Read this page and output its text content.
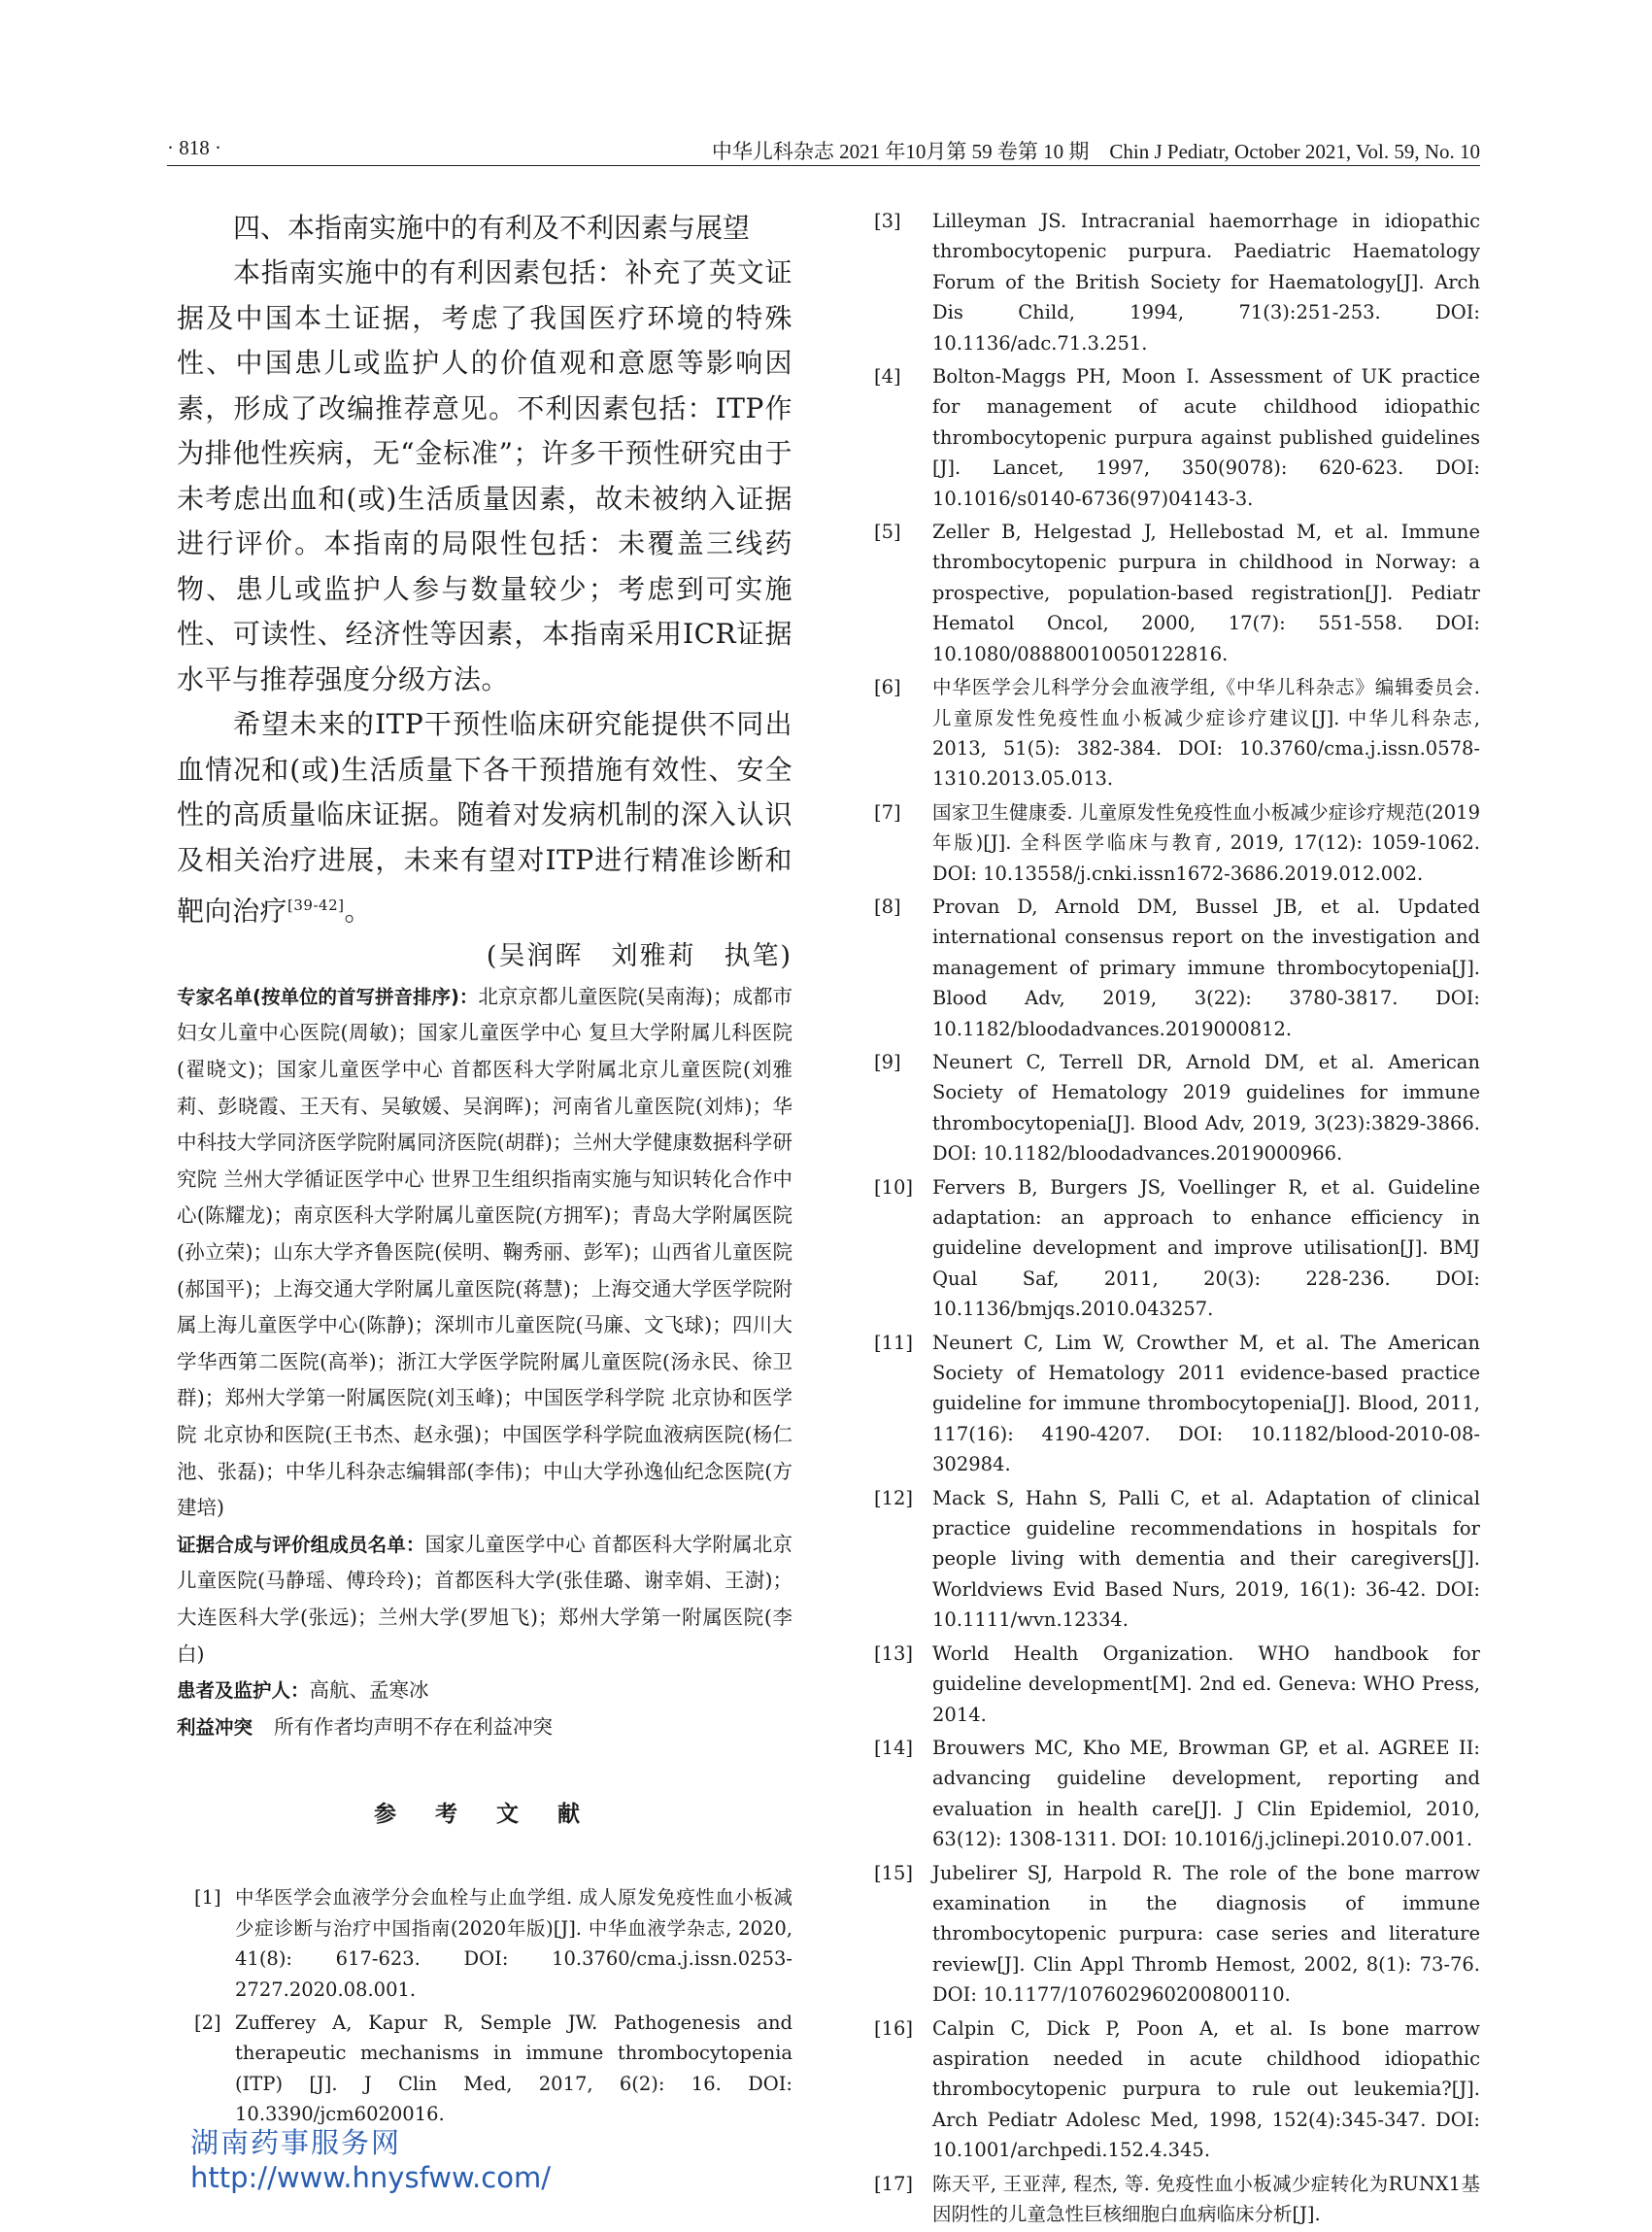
· 818 ·	中华儿科杂志 2021 年10月第 59 卷第 10 期　Chin J Pediatr, October 2021, Vol. 59, No. 10

四、本指南实施中的有利及不利因素与展望

本指南实施中的有利因素包括：补充了英文证据及中国本土证据，考虑了我国医疗环境的特殊性、中国患儿或监护人的价值观和意愿等影响因素，形成了改编推荐意见。不利因素包括：ITP作为排他性疾病，无“金标准”；许多干预性研究由于未考虑出血和(或)生活质量因素，故未被纳入证据进行评价。本指南的局限性包括：未覆盖三线药物、患儿或监护人参与数量较少；考虑到可实施性、可读性、经济性等因素，本指南采用ICR证据水平与推荐强度分级方法。

希望未来的ITP干预性临床研究能提供不同出血情况和(或)生活质量下各干预措施有效性、安全性的高质量临床证据。随着对发病机制的深入认识及相关治疗进展，未来有望对ITP进行精准诊断和靶向治疗[39-42]。

(吴润晖　刘雅莉　执笔)

专家名单(按单位的首写拼音排序)：北京京都儿童医院(吴南海)；成都市妇女儿童中心医院(周敏)；国家儿童医学中心 复旦大学附属儿科医院(翟晓文)；国家儿童医学中心 首都医科大学附属北京儿童医院(刘雅莉、彭晓霞、王天有、吴敏媛、吴润晖)；河南省儿童医院(刘炜)；华中科技大学同济医学院附属同济医院(胡群)；兰州大学健康数据科学研究院 兰州大学循证医学中心 世界卫生组织指南实施与知识转化合作中心(陈耀龙)；南京医科大学附属儿童医院(方拥军)；青岛大学附属医院(孙立荣)；山东大学齐鲁医院(侯明、鞠秀丽、彭军)；山西省儿童医院(郝国平)；上海交通大学附属儿童医院(蒋慧)；上海交通大学医学院附属上海儿童医学中心(陈静)；深圳市儿童医院(马廉、文飞球)；四川大学华西第二医院(高举)；浙江大学医学院附属儿童医院(汤永民、徐卫群)；郑州大学第一附属医院(刘玉峰)；中国医学科学院 北京协和医学院 北京协和医院(王书杰、赵永强)；中国医学科学院血液病医院(杨仁池、张磊)；中华儿科杂志编辑部(李伟)；中山大学孙逸仙纪念医院(方建培)

证据合成与评价组成员名单：国家儿童医学中心 首都医科大学附属北京儿童医院(马静瑶、傅玲玲)；首都医科大学(张佳璐、谢幸娟、王澍)；大连医科大学(张远)；兰州大学(罗旭飞)；郑州大学第一附属医院(李白)

患者及监护人：高航、孟寒冰

利益冲突 所有作者均声明不存在利益冲突

参 考 文 献
[1] 中华医学会血液学分会血栓与止血学组. 成人原发免疫性血小板减少症诊断与治疗中国指南(2020年版)[J]. 中华血液学杂志, 2020, 41(8): 617-623. DOI: 10.3760/cma.j.issn.0253-2727.2020.08.001.
[2] Zufferey A, Kapur R, Semple JW. Pathogenesis and therapeutic mechanisms in immune thrombocytopenia (ITP) [J]. J Clin Med, 2017, 6(2): 16. DOI: 10.3390/jcm6020016.
[3]	Lilleyman JS. Intracranial haemorrhage in idiopathic thrombocytopenic purpura. Paediatric Haematology Forum of the British Society for Haematology[J]. Arch Dis Child, 1994, 71(3):251-253. DOI: 10.1136/adc.71.3.251.
[4]	Bolton-Maggs PH, Moon I. Assessment of UK practice for management of acute childhood idiopathic thrombocytopenic purpura against published guidelines [J]. Lancet, 1997, 350(9078): 620-623. DOI: 10.1016/s0140-6736(97)04143-3.
[5]	Zeller B, Helgestad J, Hellebostad M, et al. Immune thrombocytopenic purpura in childhood in Norway: a prospective, population-based registration[J]. Pediatr Hematol Oncol, 2000, 17(7): 551-558. DOI: 10.1080/08880010050122816.
[6]	中华医学会儿科学分会血液学组,《中华儿科杂志》编辑委员会. 儿童原发性免疫性血小板减少症诊疗建议[J]. 中华儿科杂志, 2013, 51(5): 382-384. DOI: 10.3760/cma.j.issn.0578-1310.2013.05.013.
[7]	国家卫生健康委. 儿童原发性免疫性血小板减少症诊疗规范(2019年版)[J]. 全科医学临床与教育, 2019, 17(12): 1059-1062. DOI: 10.13558/j.cnki.issn1672-3686.2019.012.002.
[8]	Provan D, Arnold DM, Bussel JB, et al. Updated international consensus report on the investigation and management of primary immune thrombocytopenia[J]. Blood Adv, 2019, 3(22): 3780-3817. DOI: 10.1182/bloodadvances.2019000812.
[9]	Neunert C, Terrell DR, Arnold DM, et al. American Society of Hematology 2019 guidelines for immune thrombocytopenia[J]. Blood Adv, 2019, 3(23):3829-3866. DOI: 10.1182/bloodadvances.2019000966.
[10]	Fervers B, Burgers JS, Voellinger R, et al. Guideline adaptation: an approach to enhance efficiency in guideline development and improve utilisation[J]. BMJ Qual Saf, 2011, 20(3): 228-236. DOI: 10.1136/bmjqs.2010.043257.
[11]	Neunert C, Lim W, Crowther M, et al. The American Society of Hematology 2011 evidence-based practice guideline for immune thrombocytopenia[J]. Blood, 2011, 117(16): 4190-4207. DOI: 10.1182/blood-2010-08-302984.
[12]	Mack S, Hahn S, Palli C, et al. Adaptation of clinical practice guideline recommendations in hospitals for people living with dementia and their caregivers[J]. Worldviews Evid Based Nurs, 2019, 16(1): 36-42. DOI: 10.1111/wvn.12334.
[13]	World Health Organization. WHO handbook for guideline development[M]. 2nd ed. Geneva: WHO Press, 2014.
[14]	Brouwers MC, Kho ME, Browman GP, et al. AGREE II: advancing guideline development, reporting and evaluation in health care[J]. J Clin Epidemiol, 2010, 63(12): 1308-1311. DOI: 10.1016/j.jclinepi.2010.07.001.
[15]	Jubelirer SJ, Harpold R. The role of the bone marrow examination in the diagnosis of immune thrombocytopenic purpura: case series and literature review[J]. Clin Appl Thromb Hemost, 2002, 8(1): 73-76. DOI: 10.1177/107602960200800110.
[16]	Calpin C, Dick P, Poon A, et al. Is bone marrow aspiration needed in acute childhood idiopathic thrombocytopenic purpura to rule out leukemia?[J]. Arch Pediatr Adolesc Med, 1998, 152(4):345-347. DOI: 10.1001/archpedi.152.4.345.
[17]	陈天平, 王亚萍, 程杰, 等. 免疫性血小板减少症转化为RUNX1基因阴性的儿童急性巨核细胞白血病临床分析[J].
湖南药事服务网
http://www.hnysfww.com/
